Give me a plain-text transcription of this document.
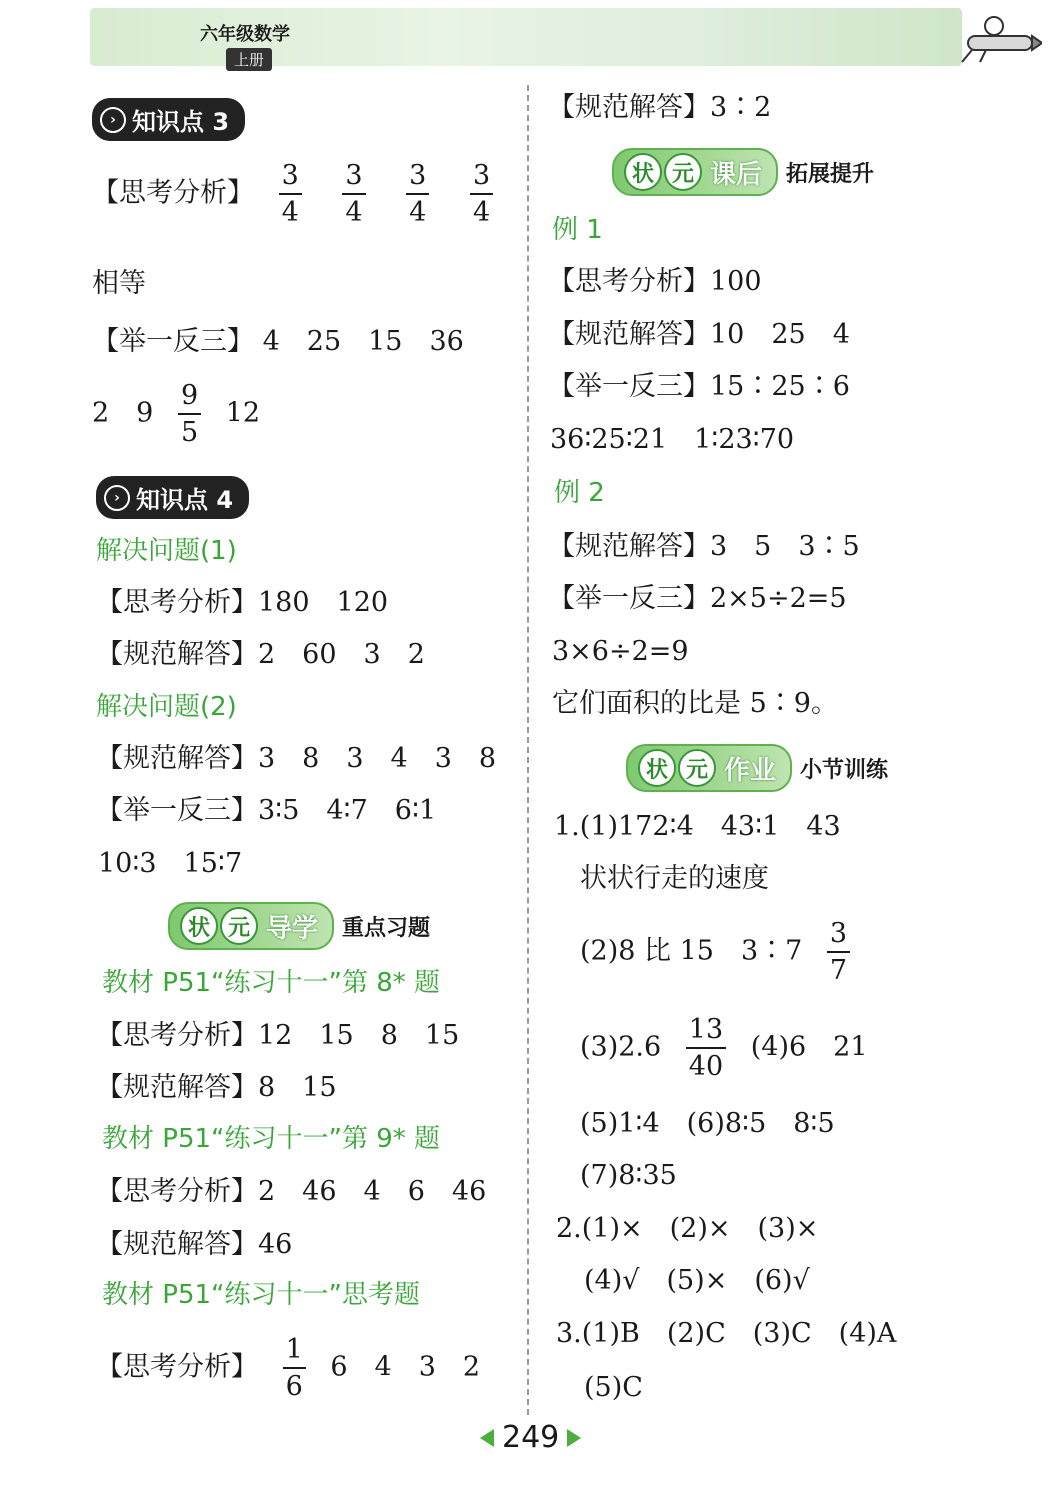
六年级数学
上册
› 知识点 3
【思考分析】 $\frac{3}{4}$
$\frac{3}{4}$
$\frac{3}{4}$
$\frac{3}{4}$
相等
【举一反三】 4　25　15　36
2　$9 \frac{9}{5} 12$
› 知识点 4
解决问题(1)
【思考分析】180　120
【规范解答】2　60　3　2
解决问题(2)
【规范解答】3　8　3　4　3　8
【举一反三】3∶5　4∶7　6∶1
10∶3　15∶7
状 元 导学 重点习题
教材 P51“练习十一”第 8* 题
【思考分析】12　15　8　15
【规范解答】8　15
教材 P51“练习十一”第 9* 题
【思考分析】2　46　4　6　46
【规范解答】46
教材 P51“练习十一”思考题
【思考分析】 $\frac{1}{6} 6$　4　3　2
【规范解答】3∶2
状 元 课后 拓展提升
例 1
【思考分析】100
【规范解答】10　25　4
【举一反三】15∶25∶6
36∶25∶21　1∶23∶70
例 2
【规范解答】3　5　3∶5
【举一反三】2×5÷2=5
3×6÷2=9
它们面积的比是 5∶9。
状 元 作业 小节训练
1.(1)172∶4　43∶1　43
状状行走的速度
(2)8 比 15　3∶7 $\frac{3}{7}$
$(3)2.6 \frac{13}{40} (4)6$　21
(5)1∶4　(6)8∶5　8∶5
(7)8∶35
2.(1)×　(2)×　(3)×
(4)√　(5)×　(6)√
3.(1)B　(2)C　(3)C　(4)A
(5)C
249
